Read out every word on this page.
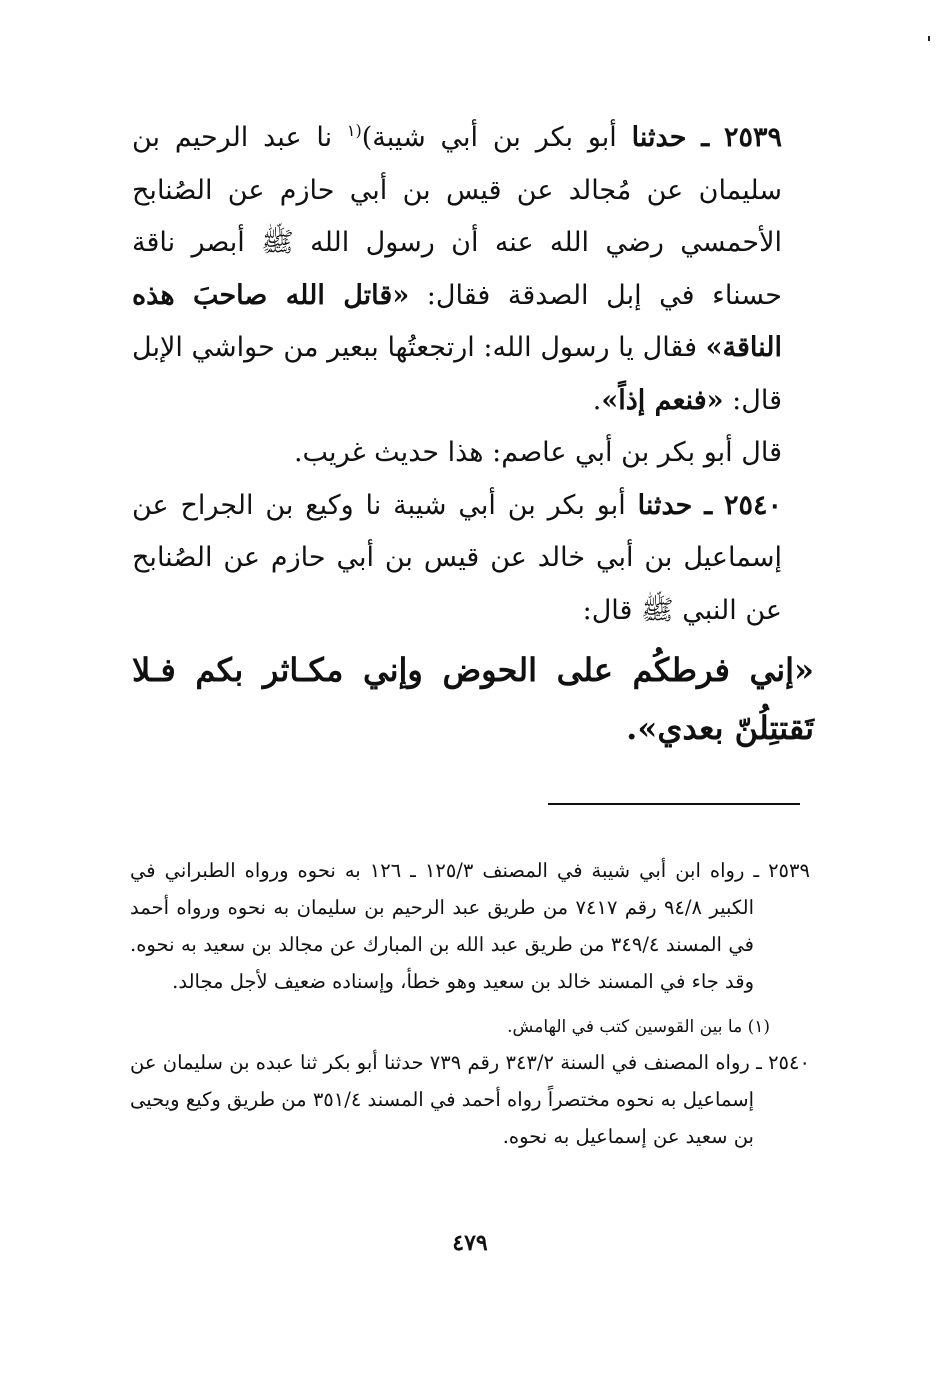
٢٥٣٩ ـ حدثنا أبو بكر بن أبي شيبة)$^{(١}$ نا عبد الرحيم بن سليمان عن مُجالد عن قيس بن أبي حازم عن الصُنابح الأحمسي رضي الله عنه أن رسول الله ﷺ أبصر ناقة حسناء في إبل الصدقة فقال: «قاتل الله صاحبَ هذه الناقة» فقال يا رسول الله: ارتجعتُها ببعير من حواشي الإبل قال: «فنعم إذاً».

قال أبو بكر بن أبي عاصم: هذا حديث غريب.

٢٥٤٠ ـ حدثنا أبو بكر بن أبي شيبة نا وكيع بن الجراح عن إسماعيل بن أبي خالد عن قيس بن أبي حازم عن الصُنابح عن النبي ﷺ قال:

«إني فرطكُم على الحوض وإني مكـاثر بكم فـلا تَقتتِلُنّ بعدي».

٢٥٣٩ ـ رواه ابن أبي شيبة في المصنف ١٢٥/٣ ـ ١٢٦ به نحوه ورواه الطبراني في الكبير ٩٤/٨ رقم ٧٤١٧ من طريق عبد الرحيم بن سليمان به نحوه ورواه أحمد في المسند ٣٤٩/٤ من طريق عبد الله بن المبارك عن مجالد بن سعيد به نحوه. وقد جاء في المسند خالد بن سعيد وهو خطأ، وإسناده ضعيف لأجل مجالد.

(١) ما بين القوسين كتب في الهامش.

٢٥٤٠ ـ رواه المصنف في السنة ٣٤٣/٢ رقم ٧٣٩ حدثنا أبو بكر ثنا عبده بن سليمان عن إسماعيل به نحوه مختصراً رواه أحمد في المسند ٣٥١/٤ من طريق وكيع ويحيى بن سعيد عن إسماعيل به نحوه.

٤٧٩
